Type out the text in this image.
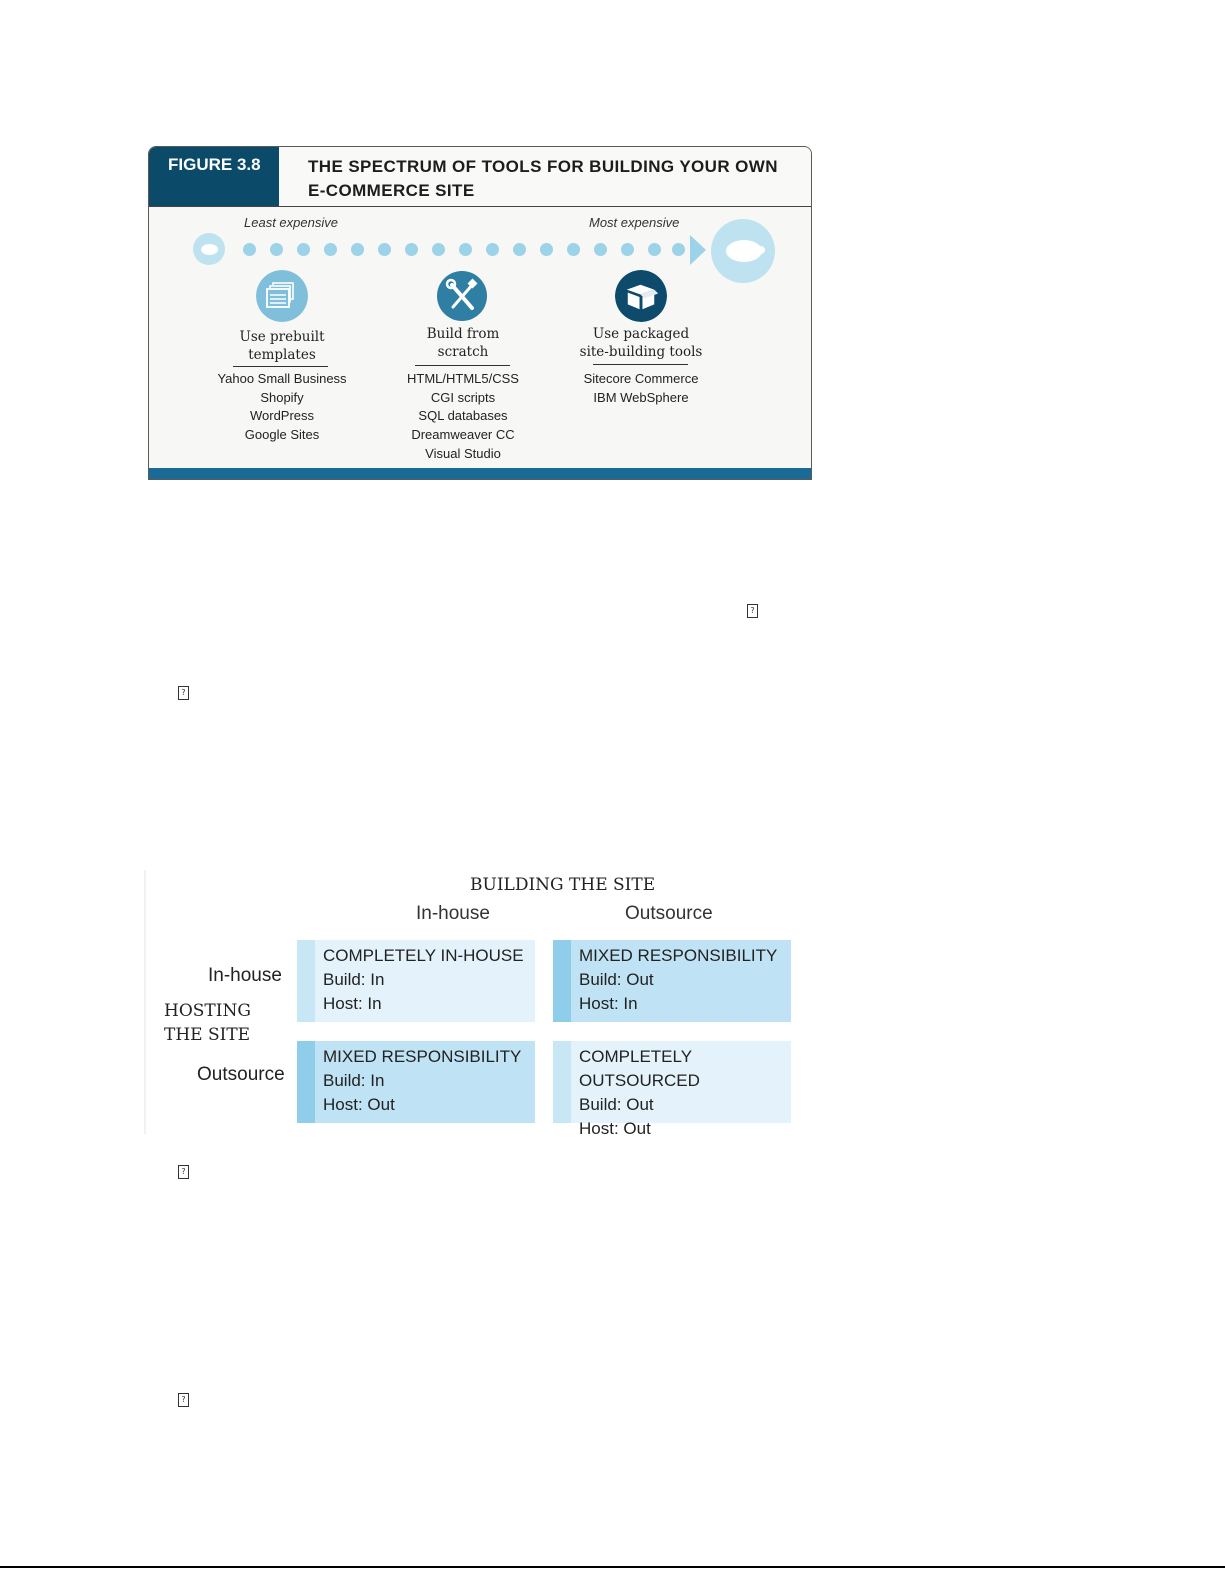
FIGURE 3.8	THE SPECTRUM OF TOOLS FOR BUILDING YOUR OWN
E-COMMERCE SITE
Least expensive	Most expensive
Use prebuilt
templates
Yahoo Small Business
Shopify
WordPress
Google Sites
Build from
scratch
HTML/HTML5/CSS
CGI scripts
SQL databases
Dreamweaver CC
Visual Studio
Use packaged
site-building tools
Sitecore Commerce
IBM WebSphere
?
?
?
?
BUILDING THE SITE
In-house	Outsource
In-house
Outsource
HOSTING
THE SITE
COMPLETELY IN-HOUSE
Build: In
Host: In
MIXED RESPONSIBILITY
Build: Out
Host: In
MIXED RESPONSIBILITY
Build: In
Host: Out
COMPLETELY OUTSOURCED
Build: Out
Host: Out
